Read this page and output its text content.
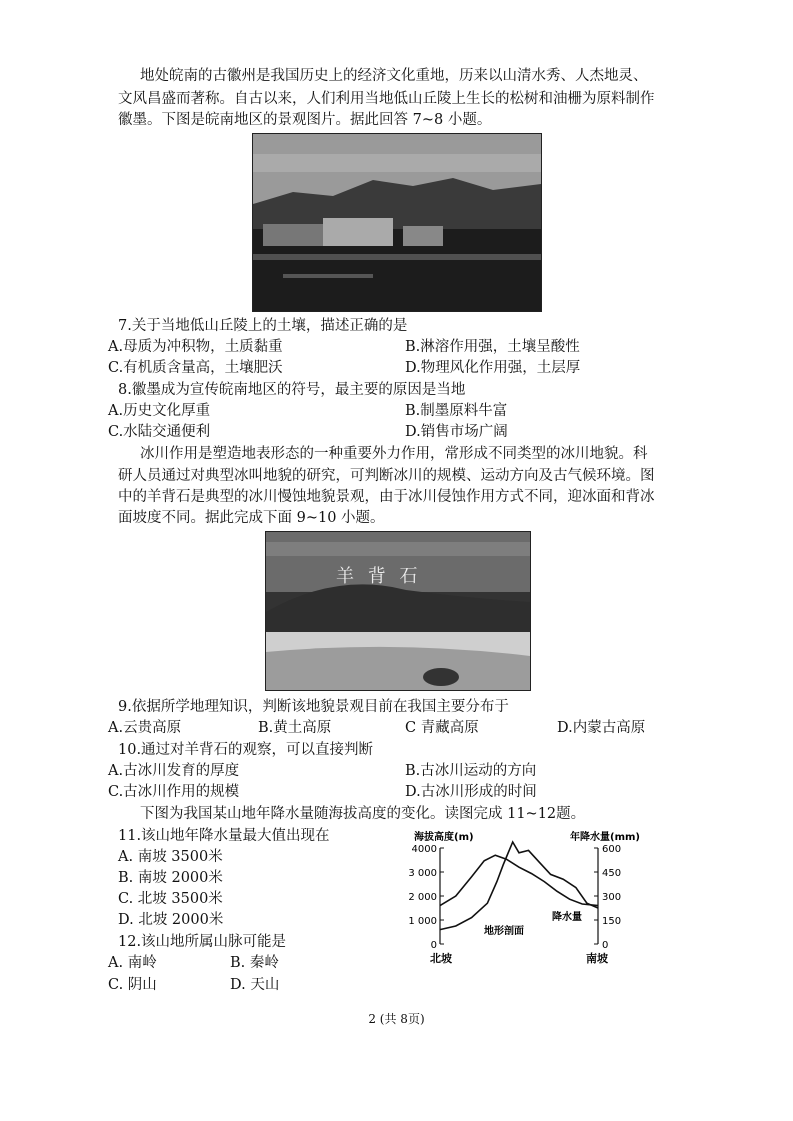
地处皖南的古徽州是我国历史上的经济文化重地，历来以山清水秀、人杰地灵、
文风昌盛而著称。自古以来，人们利用当地低山丘陵上生长的松树和油栅为原料制作
徽墨。下图是皖南地区的景观图片。据此回答 7~8 小题。
7.关于当地低山丘陵上的土壤，描述正确的是
A.母质为冲积物，土质黏重	B.淋溶作用强，土壤呈酸性
C.有机质含量高，土壤肥沃	D.物理风化作用强，土层厚
8.徽墨成为宣传皖南地区的符号，最主要的原因是当地
A.历史文化厚重	B.制墨原料牛富
C.水陆交通便利	D.销售市场广阔
冰川作用是塑造地表形态的一种重要外力作用，常形成不同类型的冰川地貌。科
研人员通过对典型冰叫地貌的研究，可判断冰川的规模、运动方向及古气候环境。图
中的羊背石是典型的冰川慢蚀地貌景观，由于冰川侵蚀作用方式不同，迎冰面和背冰
面坡度不同。据此完成下面 9~10 小题。
羊 背 石
9.依据所学地理知识，判断该地貌景观目前在我国主要分布于
A.云贵高原	B.黄土高原	C 青藏高原	D.内蒙古高原
10.通过对羊背石的观察，可以直接判断
A.古冰川发育的厚度	B.古冰川运动的方向
C.古冰川作用的规模	D.古冰川形成的时间
下图为我国某山地年降水量随海拔高度的变化。读图完成 11~12题。
11.该山地年降水量最大值出现在
A. 南坡 3500米
B. 南坡 2000米
C. 北坡 3500米
D. 北坡 2000米
12.该山地所属山脉可能是
A. 南岭	B. 秦岭
C. 阴山	D. 天山
海拔高度(m)	年降水量(mm)
4000
3 000
2 000
1 000
0
600
450
300
150
0
降水量
地形剖面
北坡	南坡
2 (共 8页)
